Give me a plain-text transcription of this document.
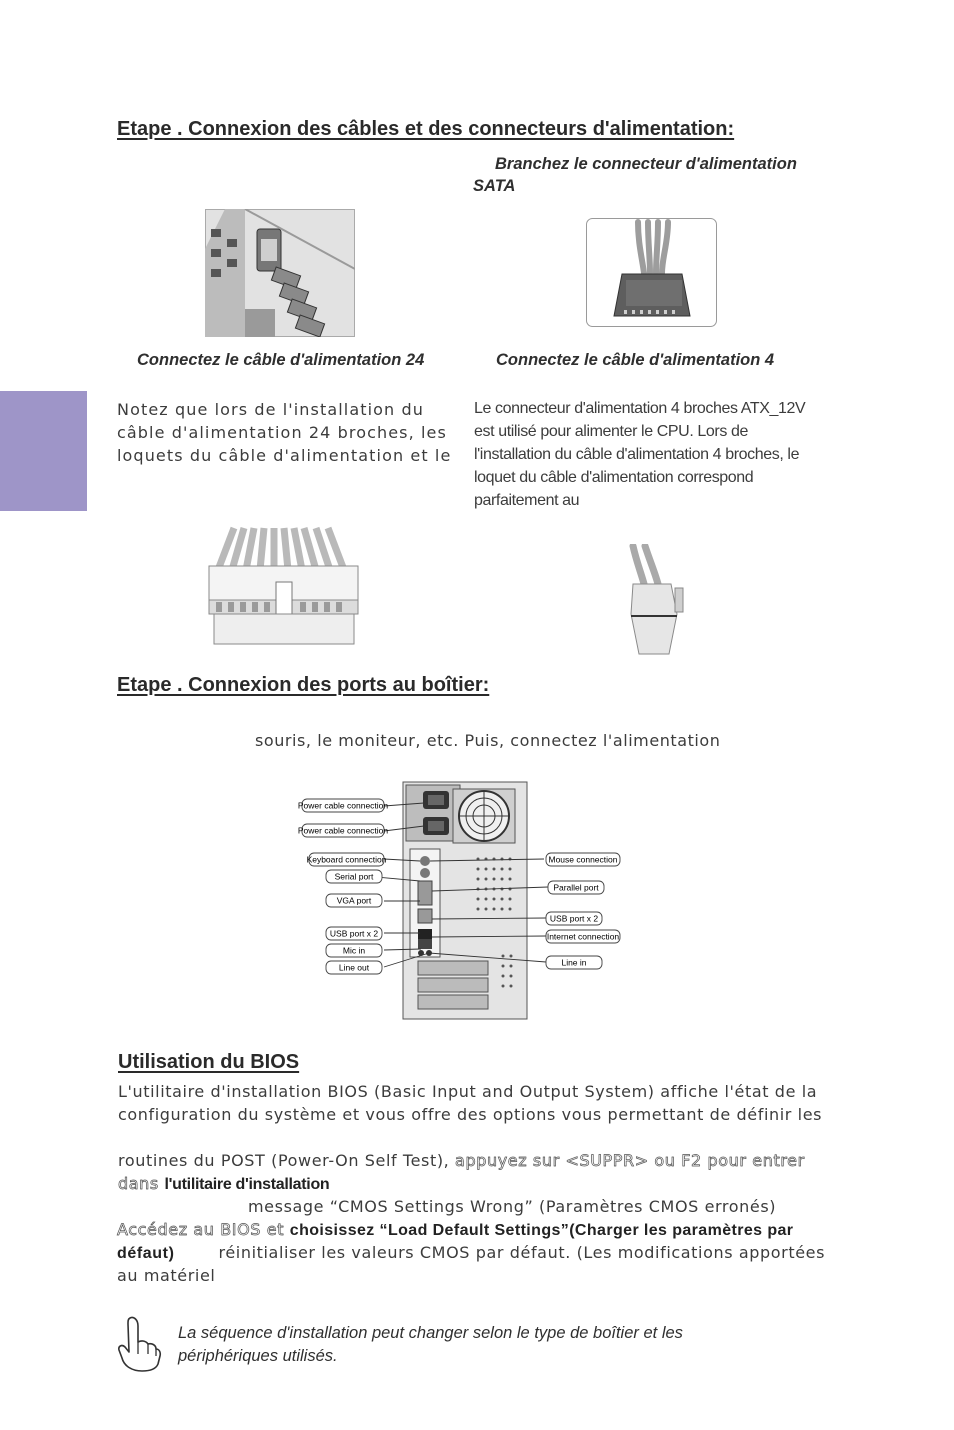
Etape . Connexion des câbles et des connecteurs d'alimentation:
Branchez le connecteur d'alimentation
SATA
Connectez le câble d'alimentation 24	Connectez le câble d'alimentation 4
Notez que lors de l'installation du
câble d'alimentation 24 broches, les
loquets du câble d'alimentation et le
Le connecteur d'alimentation 4 broches ATX_12V
est utilisé pour alimenter le CPU. Lors de
l'installation du câble d'alimentation 4 broches, le
loquet du câble d'alimentation correspond
parfaitement au
Etape . Connexion des ports au boîtier:
souris, le moniteur, etc. Puis, connectez l'alimentation
Power cable connection
Power cable connection
Keyboard connection
Serial port
VGA port
USB port x 2
Mic in
Line out
Mouse connection
Parallel port
USB port x 2
Internet connection
Line in
Utilisation du BIOS
L'utilitaire d'installation BIOS (Basic Input and Output System) affiche l'état de la
configuration du système et vous offre des options vous permettant de définir les
routines du POST (Power-On Self Test), appuyez sur <SUPPR> ou F2 pour entrer
dans l'utilitaire d'installation
message “CMOS Settings Wrong” (Paramètres CMOS erronés)
Accédez au BIOS et choisissez “Load Default Settings”(Charger les paramètres par
défaut)	réinitialiser les valeurs CMOS par défaut. (Les modifications apportées
au matériel
La séquence d'installation peut changer selon le type de boîtier et les
périphériques utilisés.
